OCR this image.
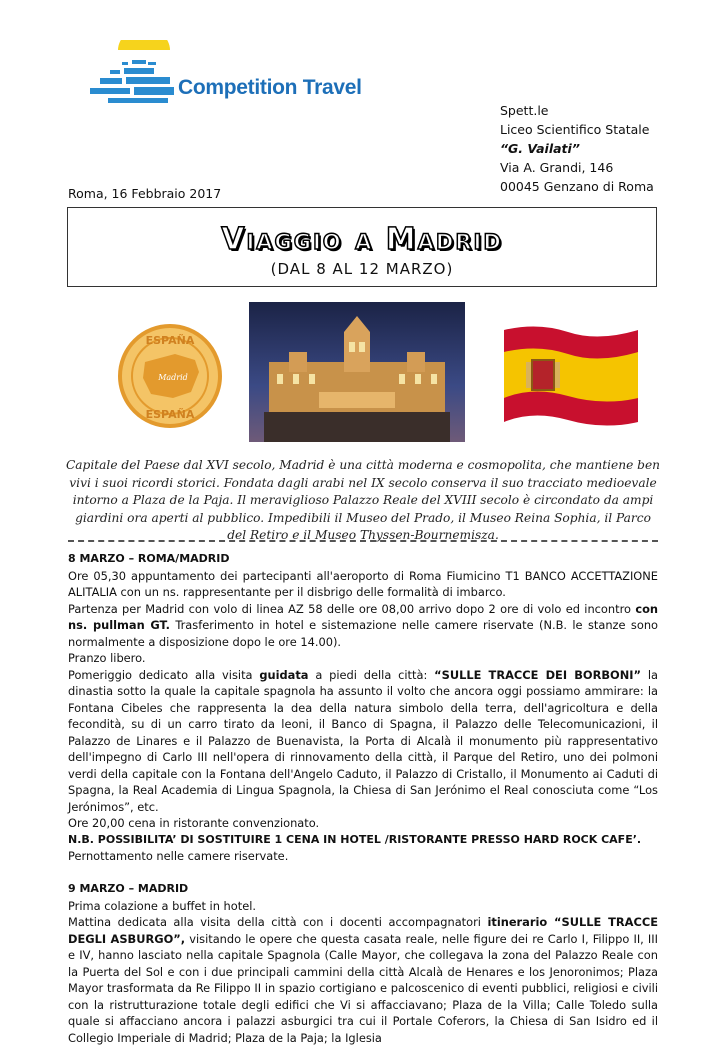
Competition Travel
Spett.le
Liceo Scientifico Statale
“G. Vailati”
Via A. Grandi, 146
00045 Genzano di Roma
Roma, 16 Febbraio 2017
Viaggio a Madrid
(DAL 8 AL 12 MARZO)
ESPAÑA
Madrid
ESPAÑA
Capitale del Paese dal XVI secolo, Madrid è una città moderna e cosmopolita, che mantiene ben vivi i suoi ricordi storici. Fondata dagli arabi nel IX secolo conserva il suo tracciato medioevale intorno a Plaza de la Paja. Il meraviglioso Palazzo Reale del XVIII secolo è circondato da ampi giardini ora aperti al pubblico. Impedibili il Museo del Prado, il Museo Reina Sophia, il Parco del Retiro e il Museo Thyssen-Bournemisza.

8 MARZO – ROMA/MADRID

Ore 05,30 appuntamento dei partecipanti all'aeroporto di Roma Fiumicino T1 BANCO ACCETTAZIONE ALITALIA con un ns. rappresentante per il disbrigo delle formalità di imbarco.

Partenza per Madrid con volo di linea AZ 58 delle ore 08,00 arrivo dopo 2 ore di volo ed incontro con ns. pullman GT. Trasferimento in hotel e sistemazione nelle camere riservate (N.B. le stanze sono normalmente a disposizione dopo le ore 14.00).

Pranzo libero.

Pomeriggio dedicato alla visita guidata a piedi della città: “SULLE TRACCE DEI BORBONI” la dinastia sotto la quale la capitale spagnola ha assunto il volto che ancora oggi possiamo ammirare: la Fontana Cibeles che rappresenta la dea della natura simbolo della terra, dell'agricoltura e della fecondità, su di un carro tirato da leoni, il Banco di Spagna, il Palazzo delle Telecomunicazioni, il Palazzo de Linares e il Palazzo de Buenavista, la Porta di Alcalà il monumento più rappresentativo dell'impegno di Carlo III nell'opera di rinnovamento della città, il Parque del Retiro, uno dei polmoni verdi della capitale con la Fontana dell'Angelo Caduto, il Palazzo di Cristallo, il Monumento ai Caduti di Spagna, la Real Academia di Lingua Spagnola, la Chiesa di San Jerónimo el Real conosciuta come “Los Jerónimos”, etc.

Ore 20,00 cena in ristorante convenzionato.

N.B. POSSIBILITA’ DI SOSTITUIRE 1 CENA IN HOTEL /RISTORANTE PRESSO HARD ROCK CAFE’.

Pernottamento nelle camere riservate.

9 MARZO – MADRID

Prima colazione a buffet in hotel.

Mattina dedicata alla visita della città con i docenti accompagnatori itinerario “SULLE TRACCE DEGLI ASBURGO”, visitando le opere che questa casata reale, nelle figure dei re Carlo I, Filippo II, III e IV, hanno lasciato nella capitale Spagnola (Calle Mayor, che collegava la zona del Palazzo Reale con la Puerta del Sol e con i due principali cammini della città Alcalà de Henares e los Jenoronimos; Plaza Mayor trasformata da Re Filippo II in spazio cortigiano e palcoscenico di eventi pubblici, religiosi e civili con la ristrutturazione totale degli edifici che Vi si affacciavano; Plaza de la Villa; Calle Toledo sulla quale si affacciano ancora i palazzi asburgici tra cui il Portale Coferors, la Chiesa di San Isidro ed il Collegio Imperiale di Madrid; Plaza de la Paja; la Iglesia
